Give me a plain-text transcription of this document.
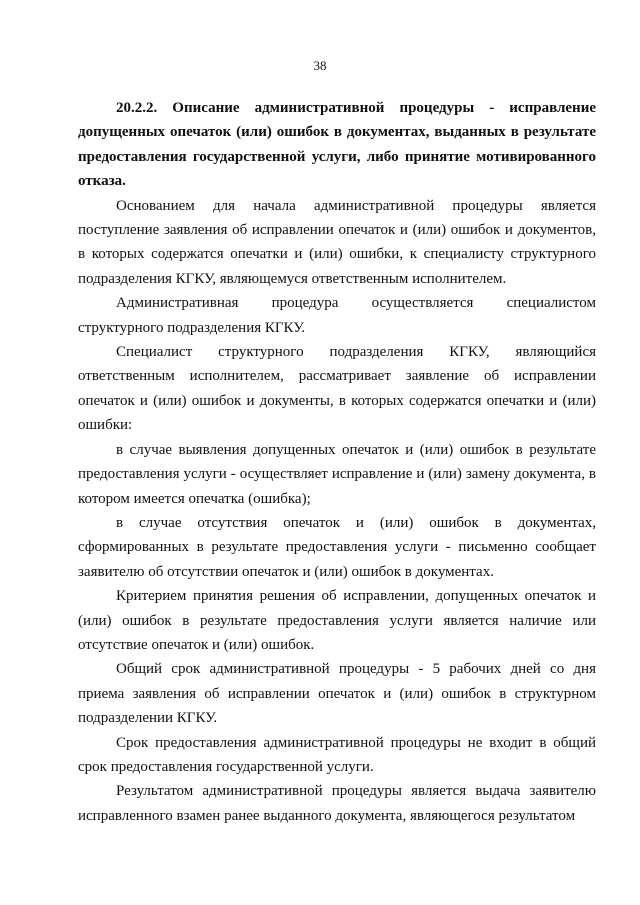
38

20.2.2. Описание административной процедуры - исправление допущенных опечаток (или) ошибок в документах, выданных в результате предоставления государственной услуги, либо принятие мотивированного отказа.

Основанием для начала административной процедуры является поступление заявления об исправлении опечаток и (или) ошибок и документов, в которых содержатся опечатки и (или) ошибки, к специалисту структурного подразделения КГКУ, являющемуся ответственным исполнителем.

Административная процедура осуществляется специалистом структурного подразделения КГКУ.

Специалист структурного подразделения КГКУ, являющийся ответственным исполнителем, рассматривает заявление об исправлении опечаток и (или) ошибок и документы, в которых содержатся опечатки и (или) ошибки:

в случае выявления допущенных опечаток и (или) ошибок в результате предоставления услуги - осуществляет исправление и (или) замену документа, в котором имеется опечатка (ошибка);

в случае отсутствия опечаток и (или) ошибок в документах, сформированных в результате предоставления услуги - письменно сообщает заявителю об отсутствии опечаток и (или) ошибок в документах.

Критерием принятия решения об исправлении, допущенных опечаток и (или) ошибок в результате предоставления услуги является наличие или отсутствие опечаток и (или) ошибок.

Общий срок административной процедуры - 5 рабочих дней со дня приема заявления об исправлении опечаток и (или) ошибок в структурном подразделении КГКУ.

Срок предоставления административной процедуры не входит в общий срок предоставления государственной услуги.

Результатом административной процедуры является выдача заявителю исправленного взамен ранее выданного документа, являющегося результатом
